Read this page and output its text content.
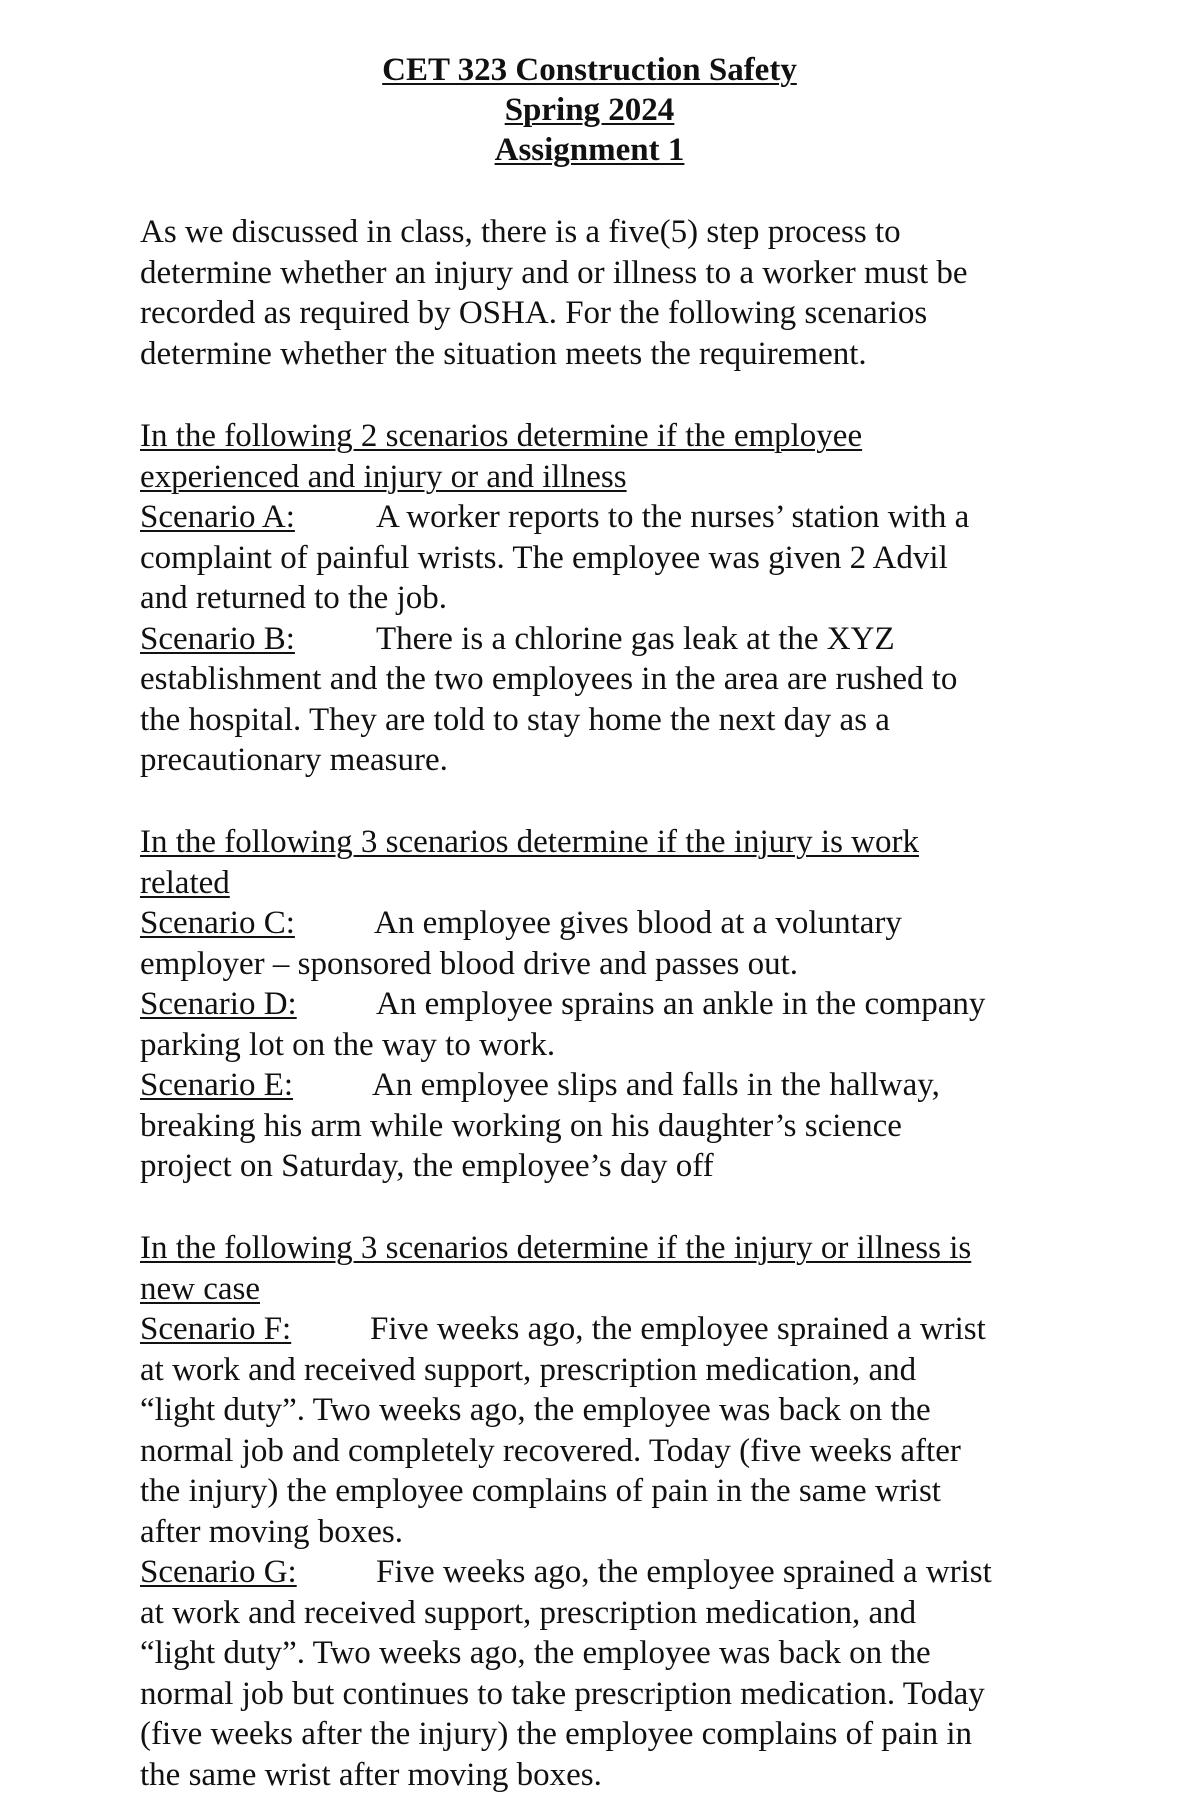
CET 323 Construction Safety
Spring 2024
Assignment 1
As we discussed in class, there is a five(5) step process to
determine whether an injury and or illness to a worker must be
recorded as required by OSHA. For the following scenarios
determine whether the situation meets the requirement.
In the following 2 scenarios determine if the employee
experienced and injury or and illness
Scenario A: A worker reports to the nurses’ station with a
complaint of painful wrists. The employee was given 2 Advil
and returned to the job.
Scenario B: There is a chlorine gas leak at the XYZ
establishment and the two employees in the area are rushed to
the hospital. They are told to stay home the next day as a
precautionary measure.
In the following 3 scenarios determine if the injury is work
related
Scenario C: An employee gives blood at a voluntary
employer – sponsored blood drive and passes out.
Scenario D: An employee sprains an ankle in the company
parking lot on the way to work.
Scenario E: An employee slips and falls in the hallway,
breaking his arm while working on his daughter’s science
project on Saturday, the employee’s day off
In the following 3 scenarios determine if the injury or illness is
new case
Scenario F: Five weeks ago, the employee sprained a wrist
at work and received support, prescription medication, and
“light duty”. Two weeks ago, the employee was back on the
normal job and completely recovered. Today (five weeks after
the injury) the employee complains of pain in the same wrist
after moving boxes.
Scenario G: Five weeks ago, the employee sprained a wrist
at work and received support, prescription medication, and
“light duty”. Two weeks ago, the employee was back on the
normal job but continues to take prescription medication. Today
(five weeks after the injury) the employee complains of pain in
the same wrist after moving boxes.
